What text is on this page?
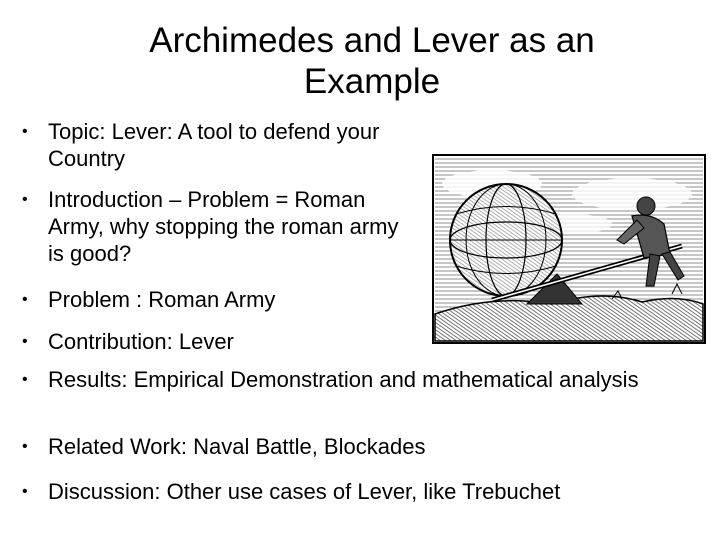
Archimedes and Lever as an Example
• Topic: Lever: A tool to defend your Country
• Introduction – Problem = Roman Army, why stopping the roman army is good?
• Problem : Roman Army
• Contribution: Lever
• Results: Empirical Demonstration and mathematical analysis
• Related Work: Naval Battle, Blockades
• Discussion: Other use cases of Lever, like Trebuchet
